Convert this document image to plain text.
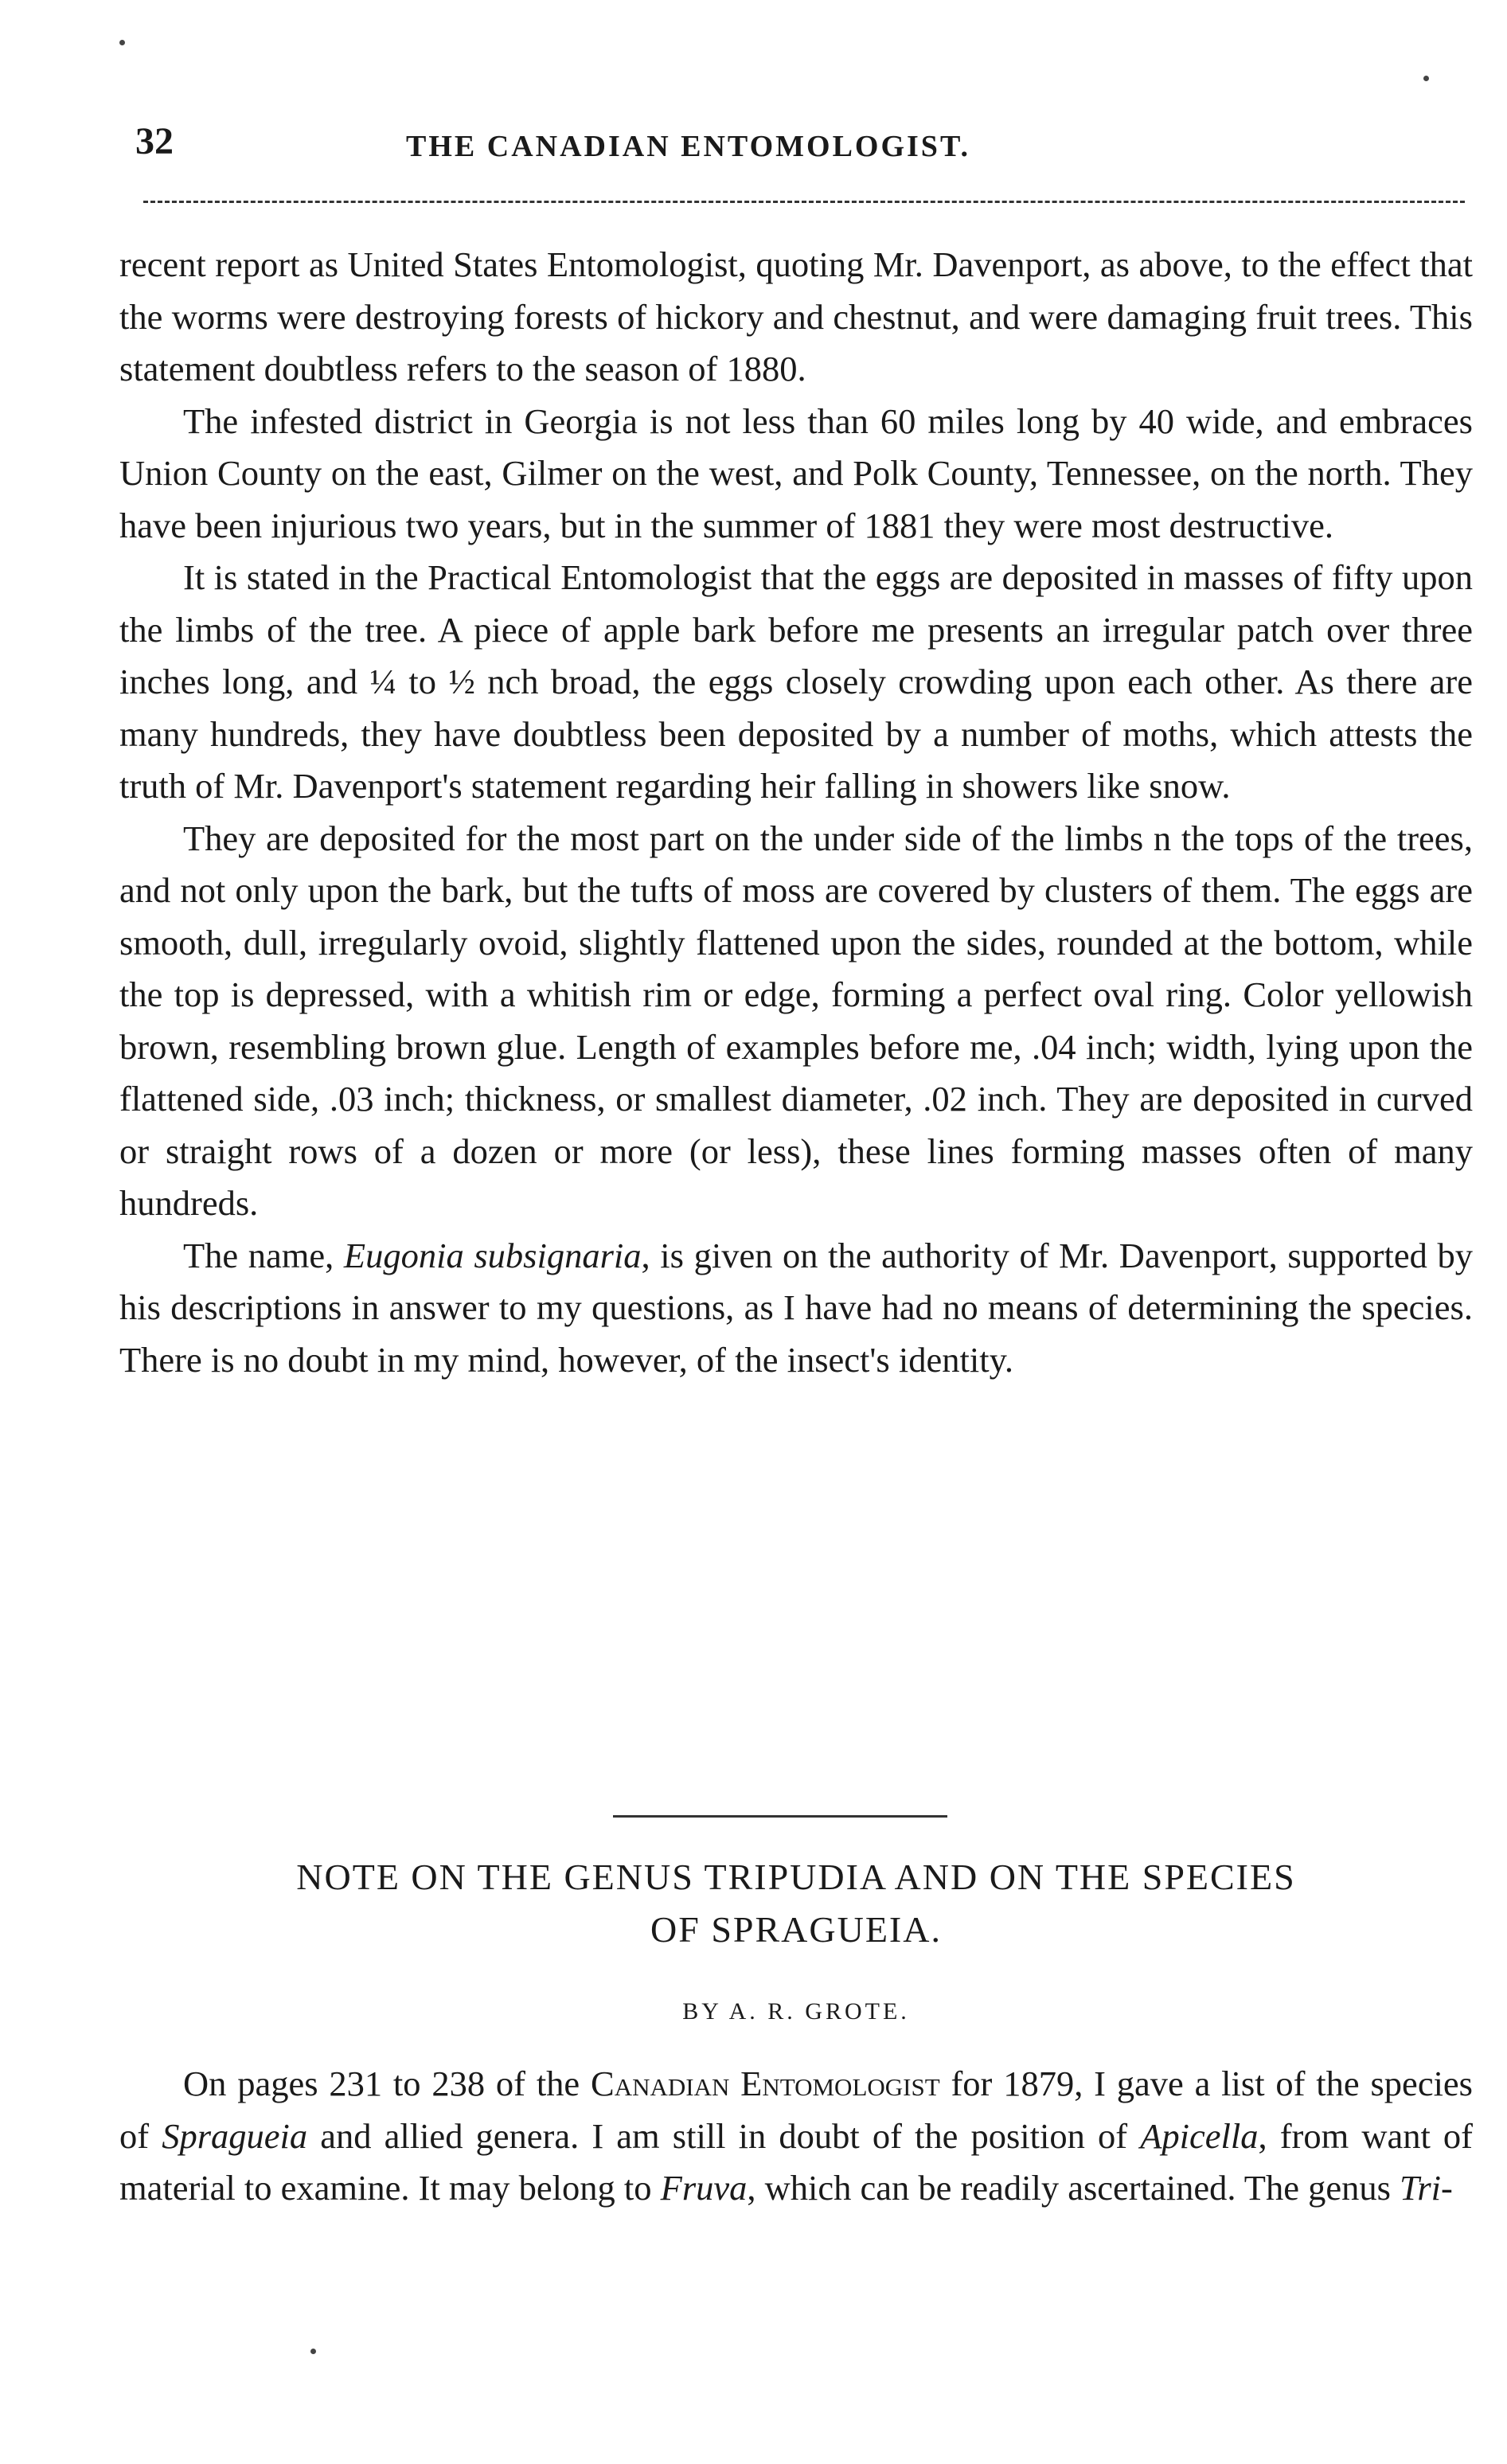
32	THE CANADIAN ENTOMOLOGIST.

recent report as United States Entomologist, quoting Mr. Davenport, as above, to the effect that the worms were destroying forests of hickory and chestnut, and were damaging fruit trees. This statement doubtless refers to the season of 1880.

The infested district in Georgia is not less than 60 miles long by 40 wide, and embraces Union County on the east, Gilmer on the west, and Polk County, Tennessee, on the north. They have been injurious two years, but in the summer of 1881 they were most destructive.

It is stated in the Practical Entomologist that the eggs are deposited in masses of fifty upon the limbs of the tree. A piece of apple bark before me presents an irregular patch over three inches long, and ¼ to ½ nch broad, the eggs closely crowding upon each other. As there are many hundreds, they have doubtless been deposited by a number of moths, which attests the truth of Mr. Davenport's statement regarding heir falling in showers like snow.

They are deposited for the most part on the under side of the limbs n the tops of the trees, and not only upon the bark, but the tufts of moss are covered by clusters of them. The eggs are smooth, dull, irregularly ovoid, slightly flattened upon the sides, rounded at the bottom, while the top is depressed, with a whitish rim or edge, forming a perfect oval ring. Color yellowish brown, resembling brown glue. Length of examples before me, .04 inch; width, lying upon the flattened side, .03 inch; thickness, or smallest diameter, .02 inch. They are deposited in curved or straight rows of a dozen or more (or less), these lines forming masses often of many hundreds.

The name, Eugonia subsignaria, is given on the authority of Mr. Davenport, supported by his descriptions in answer to my questions, as I have had no means of determining the species. There is no doubt in my mind, however, of the insect's identity.

NOTE ON THE GENUS TRIPUDIA AND ON THE SPECIES
OF SPRAGUEIA.
BY A. R. GROTE.

On pages 231 to 238 of the Canadian Entomologist for 1879, I gave a list of the species of Spragueia and allied genera. I am still in doubt of the position of Apicella, from want of material to examine. It may belong to Fruva, which can be readily ascertained. The genus Tri-
